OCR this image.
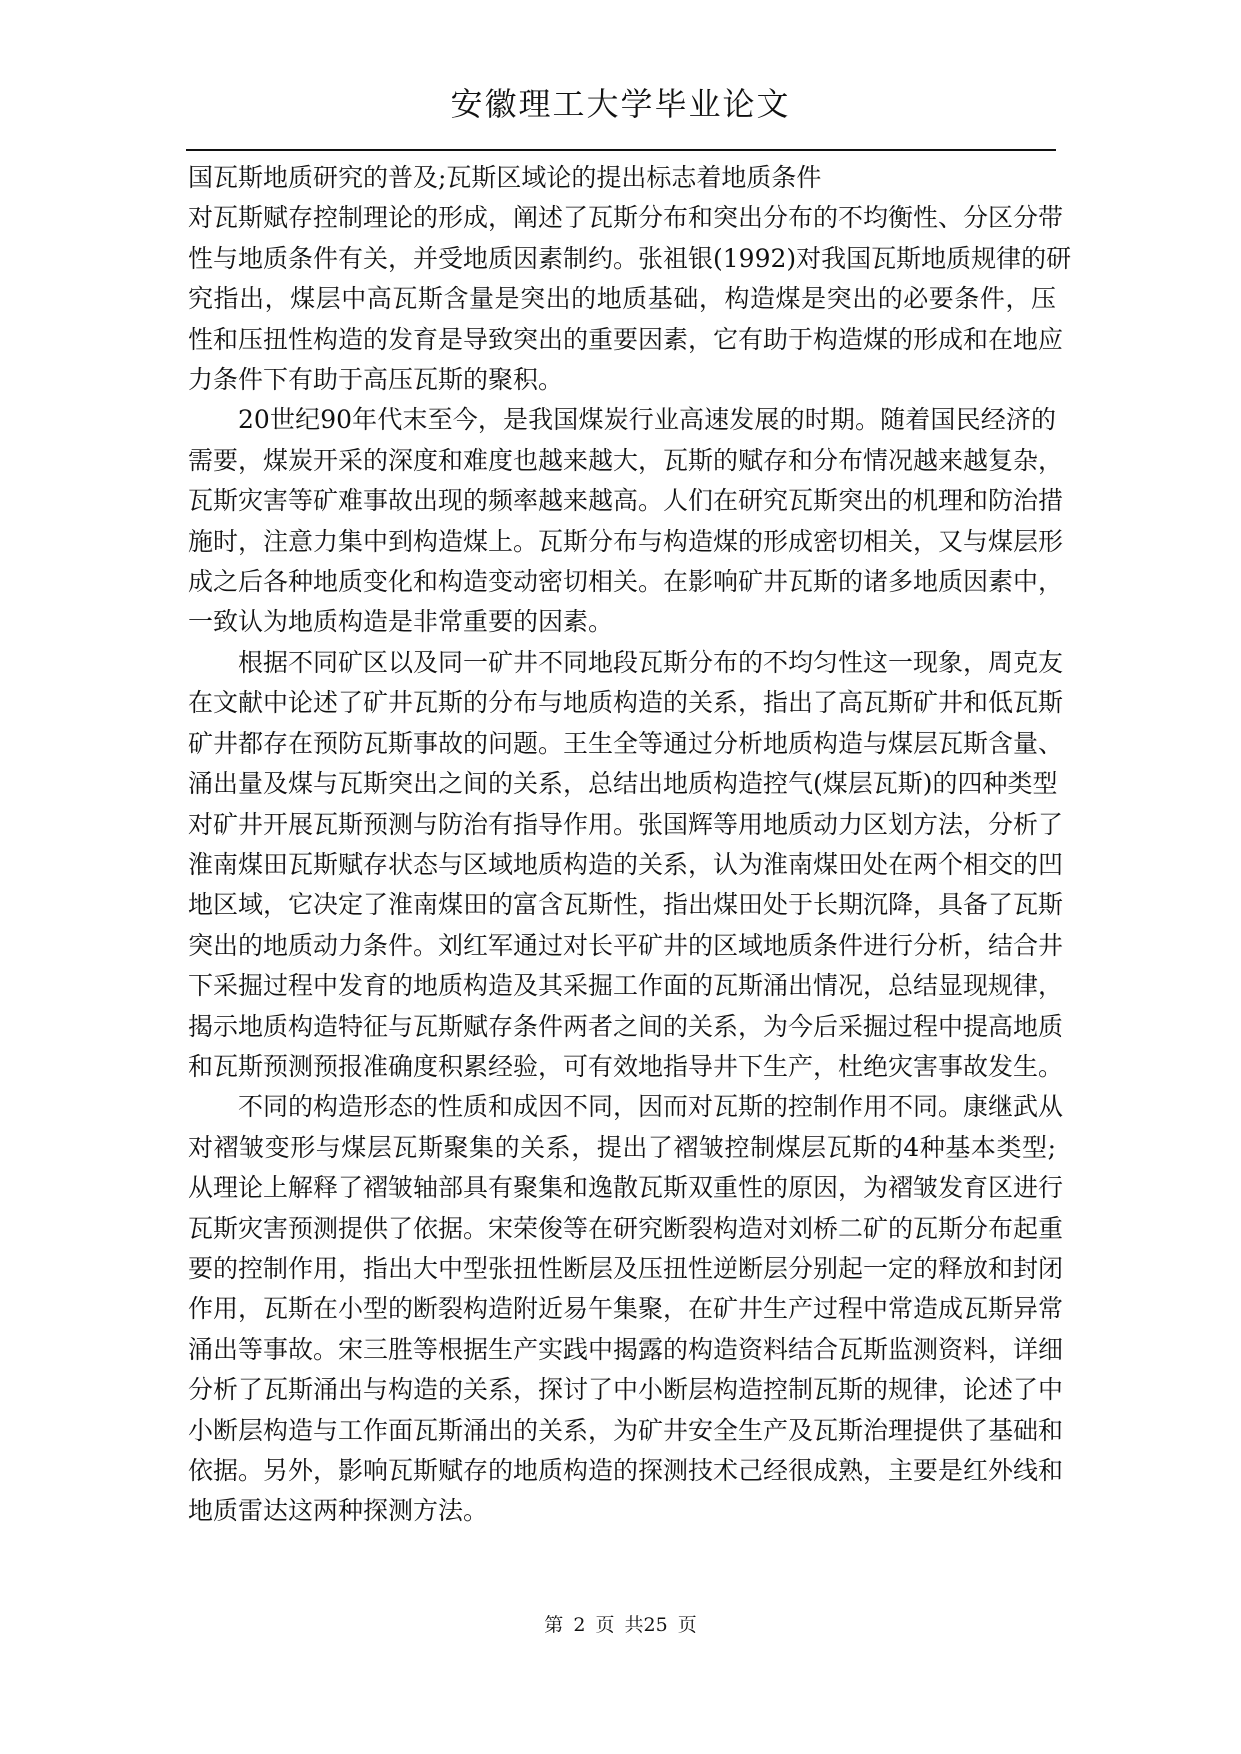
安徽理工大学毕业论文
国瓦斯地质研究的普及;瓦斯区域论的提出标志着地质条件
对瓦斯赋存控制理论的形成，阐述了瓦斯分布和突出分布的不均衡性、分区分带
性与地质条件有关，并受地质因素制约。张祖银(1992)对我国瓦斯地质规律的研
究指出，煤层中高瓦斯含量是突出的地质基础，构造煤是突出的必要条件，压
性和压扭性构造的发育是导致突出的重要因素，它有助于构造煤的形成和在地应
力条件下有助于高压瓦斯的聚积。
20世纪90年代末至今，是我国煤炭行业高速发展的时期。随着国民经济的
需要，煤炭开采的深度和难度也越来越大，瓦斯的赋存和分布情况越来越复杂，
瓦斯灾害等矿难事故出现的频率越来越高。人们在研究瓦斯突出的机理和防治措
施时，注意力集中到构造煤上。瓦斯分布与构造煤的形成密切相关，又与煤层形
成之后各种地质变化和构造变动密切相关。在影响矿井瓦斯的诸多地质因素中，
一致认为地质构造是非常重要的因素。
根据不同矿区以及同一矿井不同地段瓦斯分布的不均匀性这一现象，周克友
在文献中论述了矿井瓦斯的分布与地质构造的关系，指出了高瓦斯矿井和低瓦斯
矿井都存在预防瓦斯事故的问题。王生全等通过分析地质构造与煤层瓦斯含量、
涌出量及煤与瓦斯突出之间的关系，总结出地质构造控气(煤层瓦斯)的四种类型
对矿井开展瓦斯预测与防治有指导作用。张国辉等用地质动力区划方法，分析了
淮南煤田瓦斯赋存状态与区域地质构造的关系，认为淮南煤田处在两个相交的凹
地区域，它决定了淮南煤田的富含瓦斯性，指出煤田处于长期沉降，具备了瓦斯
突出的地质动力条件。刘红军通过对长平矿井的区域地质条件进行分析，结合井
下采掘过程中发育的地质构造及其采掘工作面的瓦斯涌出情况，总结显现规律，
揭示地质构造特征与瓦斯赋存条件两者之间的关系，为今后采掘过程中提高地质
和瓦斯预测预报准确度积累经验，可有效地指导井下生产，杜绝灾害事故发生。
不同的构造形态的性质和成因不同，因而对瓦斯的控制作用不同。康继武从
对褶皱变形与煤层瓦斯聚集的关系，提出了褶皱控制煤层瓦斯的4种基本类型;
从理论上解释了褶皱轴部具有聚集和逸散瓦斯双重性的原因，为褶皱发育区进行
瓦斯灾害预测提供了依据。宋荣俊等在研究断裂构造对刘桥二矿的瓦斯分布起重
要的控制作用，指出大中型张扭性断层及压扭性逆断层分别起一定的释放和封闭
作用，瓦斯在小型的断裂构造附近易午集聚，在矿井生产过程中常造成瓦斯异常
涌出等事故。宋三胜等根据生产实践中揭露的构造资料结合瓦斯监测资料，详细
分析了瓦斯涌出与构造的关系，探讨了中小断层构造控制瓦斯的规律，论述了中
小断层构造与工作面瓦斯涌出的关系，为矿井安全生产及瓦斯治理提供了基础和
依据。另外，影响瓦斯赋存的地质构造的探测技术己经很成熟，主要是红外线和
地质雷达这两种探测方法。
第 2 页 共25 页
